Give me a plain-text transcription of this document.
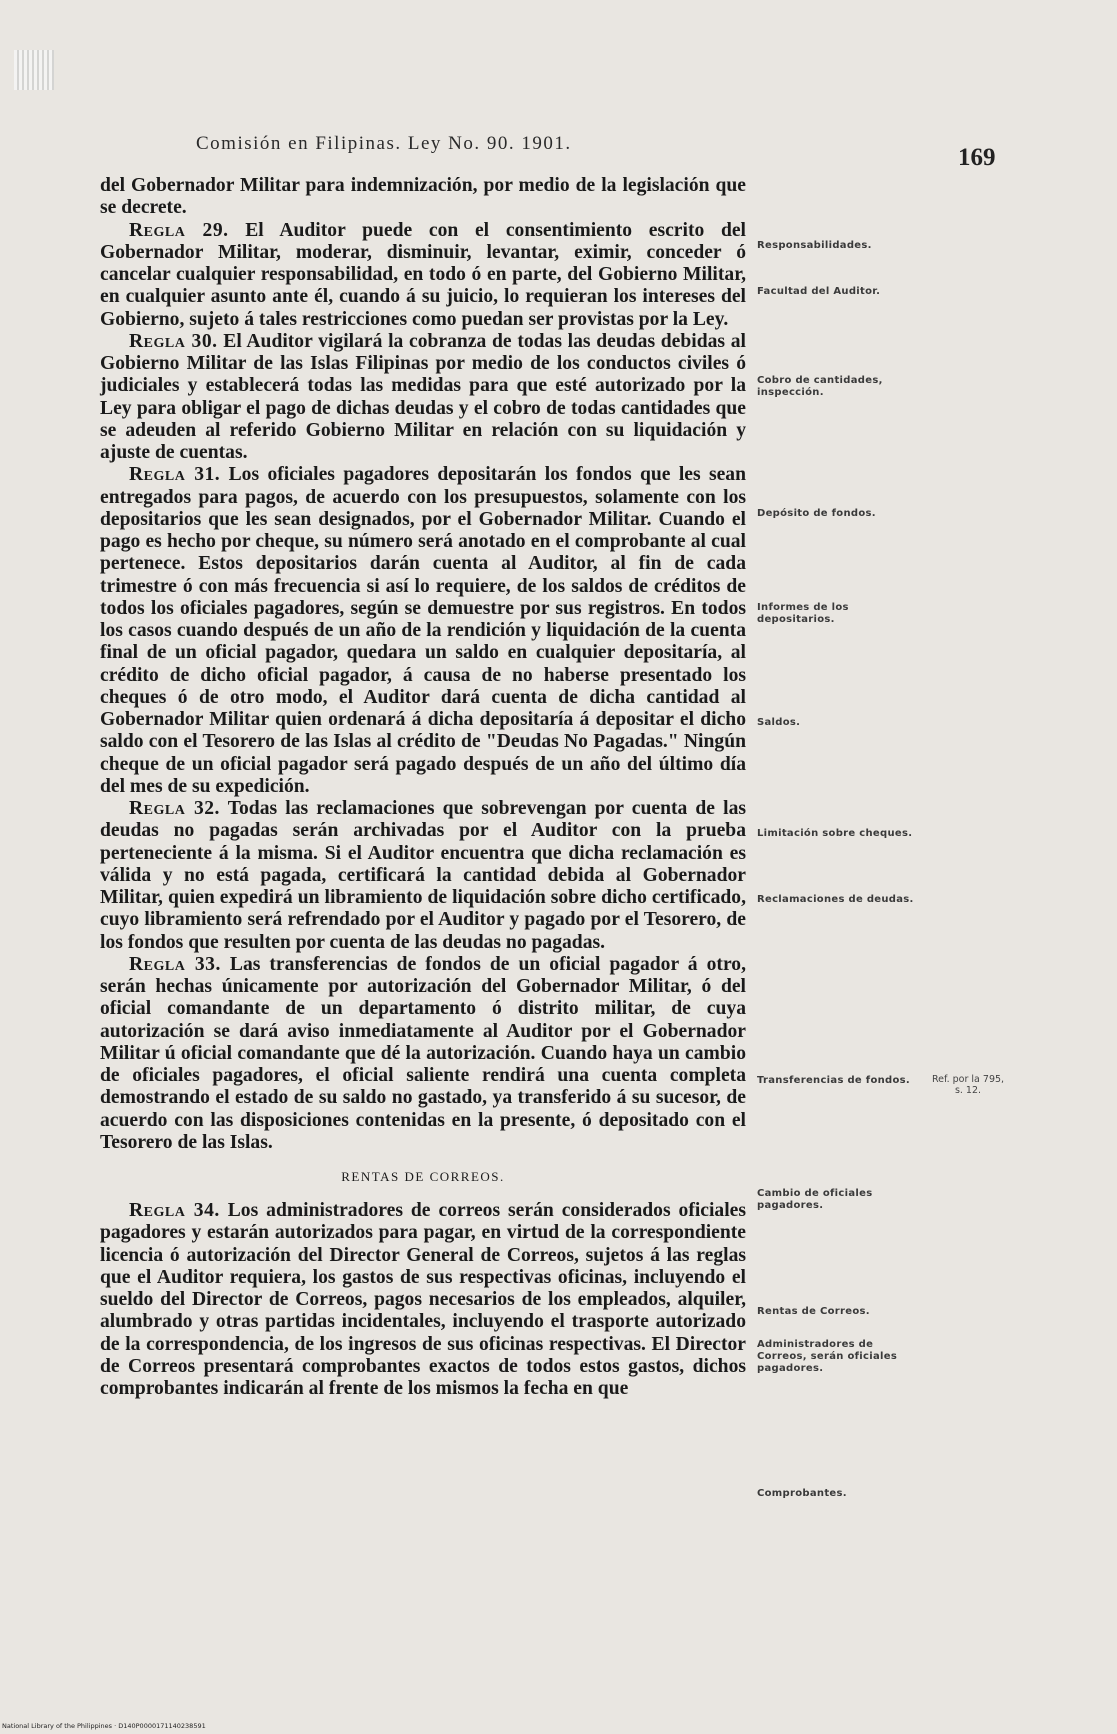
Comisión en Filipinas. Ley No. 90. 1901.
169

del Gobernador Militar para indemnización, por medio de la legislación que se decrete.

Regla 29. El Auditor puede con el consentimiento escrito del Gobernador Militar, moderar, disminuir, levantar, eximir, conceder ó cancelar cualquier responsabilidad, en todo ó en parte, del Gobierno Militar, en cualquier asunto ante él, cuando á su juicio, lo requieran los intereses del Gobierno, sujeto á tales restricciones como puedan ser provistas por la Ley.

Regla 30. El Auditor vigilará la cobranza de todas las deudas debidas al Gobierno Militar de las Islas Filipinas por medio de los conductos civiles ó judiciales y establecerá todas las medidas para que esté autorizado por la Ley para obligar el pago de dichas deudas y el cobro de todas cantidades que se adeuden al referido Gobierno Militar en relación con su liquidación y ajuste de cuentas.

Regla 31. Los oficiales pagadores depositarán los fondos que les sean entregados para pagos, de acuerdo con los presupuestos, solamente con los depositarios que les sean designados, por el Gobernador Militar. Cuando el pago es hecho por cheque, su número será anotado en el comprobante al cual pertenece. Estos depositarios darán cuenta al Auditor, al fin de cada trimestre ó con más frecuencia si así lo requiere, de los saldos de créditos de todos los oficiales pagadores, según se demuestre por sus registros. En todos los casos cuando después de un año de la rendición y liquidación de la cuenta final de un oficial pagador, quedara un saldo en cualquier depositaría, al crédito de dicho oficial pagador, á causa de no haberse presentado los cheques ó de otro modo, el Auditor dará cuenta de dicha cantidad al Gobernador Militar quien ordenará á dicha depositaría á depositar el dicho saldo con el Tesorero de las Islas al crédito de "Deudas No Pagadas." Ningún cheque de un oficial pagador será pagado después de un año del último día del mes de su expedición.

Regla 32. Todas las reclamaciones que sobrevengan por cuenta de las deudas no pagadas serán archivadas por el Auditor con la prueba perteneciente á la misma. Si el Auditor encuentra que dicha reclamación es válida y no está pagada, certificará la cantidad debida al Gobernador Militar, quien expedirá un libramiento de liquidación sobre dicho certificado, cuyo libramiento será refrendado por el Auditor y pagado por el Tesorero, de los fondos que resulten por cuenta de las deudas no pagadas.

Regla 33. Las transferencias de fondos de un oficial pagador á otro, serán hechas únicamente por autorización del Gobernador Militar, ó del oficial comandante de un departamento ó distrito militar, de cuya autorización se dará aviso inmediatamente al Auditor por el Gobernador Militar ú oficial comandante que dé la autorización. Cuando haya un cambio de oficiales pagadores, el oficial saliente rendirá una cuenta completa demostrando el estado de su saldo no gastado, ya transferido á su sucesor, de acuerdo con las disposiciones contenidas en la presente, ó depositado con el Tesorero de las Islas.

RENTAS DE CORREOS.

Regla 34. Los administradores de correos serán considerados oficiales pagadores y estarán autorizados para pagar, en virtud de la correspondiente licencia ó autorización del Director General de Correos, sujetos á las reglas que el Auditor requiera, los gastos de sus respectivas oficinas, incluyendo el sueldo del Director de Correos, pagos necesarios de los empleados, alquiler, alumbrado y otras partidas incidentales, incluyendo el trasporte autorizado de la correspondencia, de los ingresos de sus oficinas respectivas. El Director de Correos presentará comprobantes exactos de todos estos gastos, dichos comprobantes indicarán al frente de los mismos la fecha en que

Responsabilidades.
Facultad del Auditor.
Cobro de cantidades, inspección.
Depósito de fondos.
Informes de los depositarios.
Saldos.
Limitación sobre cheques.
Reclamaciones de deudas.
Transferencias de fondos.
Cambio de oficiales pagadores.
Rentas de Correos.
Administradores de Correos, serán oficiales pagadores.
Comprobantes.
Ref. por la 795, s. 12.
National Library of the Philippines · D140P0000171140238591
